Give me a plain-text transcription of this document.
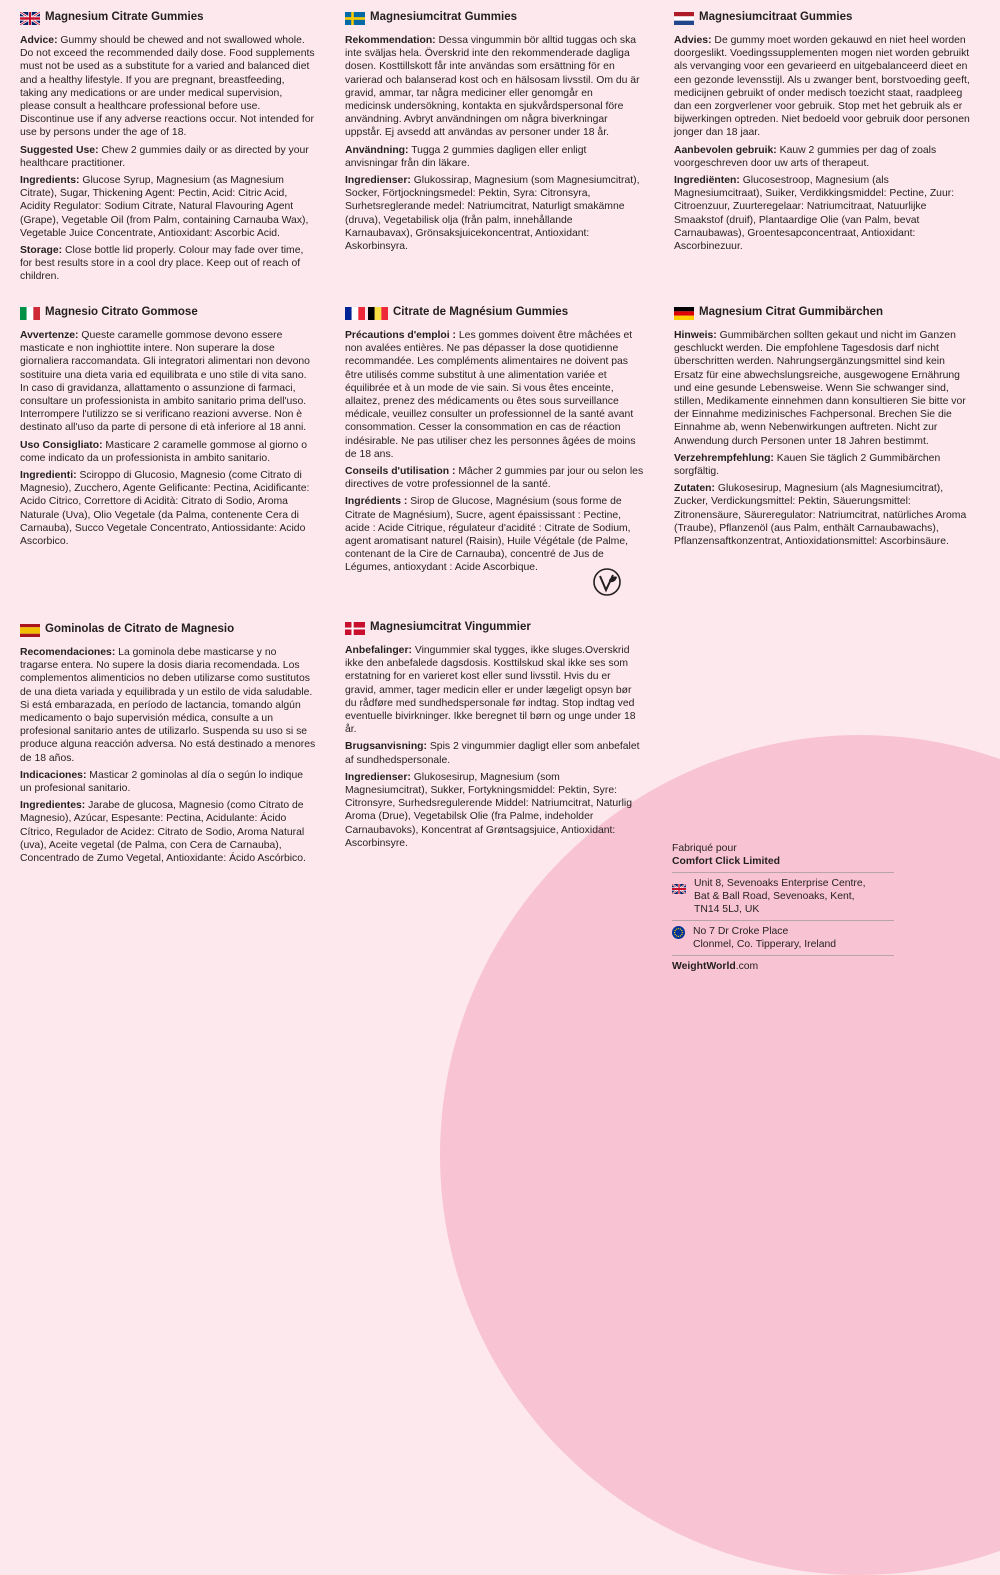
Magnesium Citrate Gummies

Advice: Gummy should be chewed and not swallowed whole. Do not exceed the recommended daily dose. Food supplements must not be used as a substitute for a varied and balanced diet and a healthy lifestyle. If you are pregnant, breastfeeding, taking any medications or are under medical supervision, please consult a healthcare professional before use. Discontinue use if any adverse reactions occur. Not intended for use by persons under the age of 18.

Suggested Use: Chew 2 gummies daily or as directed by your healthcare practitioner.

Ingredients: Glucose Syrup, Magnesium (as Magnesium Citrate), Sugar, Thickening Agent: Pectin, Acid: Citric Acid, Acidity Regulator: Sodium Citrate, Natural Flavouring Agent (Grape), Vegetable Oil (from Palm, containing Carnauba Wax), Vegetable Juice Concentrate, Antioxidant: Ascorbic Acid.

Storage: Close bottle lid properly. Colour may fade over time, for best results store in a cool dry place. Keep out of reach of children.

Magnesiumcitrat Gummies

Rekommendation: Dessa vingummin bör alltid tuggas och ska inte sväljas hela. Överskrid inte den rekommenderade dagliga dosen. Kosttillskott får inte användas som ersättning för en varierad och balanserad kost och en hälsosam livsstil. Om du är gravid, ammar, tar några mediciner eller genomgår en medicinsk undersökning, kontakta en sjukvårdspersonal före användning. Avbryt användningen om några biverkningar uppstår. Ej avsedd att användas av personer under 18 år.

Användning: Tugga 2 gummies dagligen eller enligt anvisningar från din läkare.

Ingredienser: Glukossirap, Magnesium (som Magnesiumcitrat), Socker, Förtjockningsmedel: Pektin, Syra: Citronsyra, Surhetsreglerande medel: Natriumcitrat, Naturligt smakämne (druva), Vegetabilisk olja (från palm, innehållande Karnaubavax), Grönsaksjuicekoncentrat, Antioxidant: Askorbinsyra.

Magnesiumcitraat Gummies

Advies: De gummy moet worden gekauwd en niet heel worden doorgeslikt. Voedingssupplementen mogen niet worden gebruikt als vervanging voor een gevarieerd en uitgebalanceerd dieet en een gezonde levensstijl. Als u zwanger bent, borstvoeding geeft, medicijnen gebruikt of onder medisch toezicht staat, raadpleeg dan een zorgverlener voor gebruik. Stop met het gebruik als er bijwerkingen optreden. Niet bedoeld voor gebruik door personen jonger dan 18 jaar.

Aanbevolen gebruik: Kauw 2 gummies per dag of zoals voorgeschreven door uw arts of therapeut.

Ingrediënten: Glucosestroop, Magnesium (als Magnesiumcitraat), Suiker, Verdikkingsmiddel: Pectine, Zuur: Citroenzuur, Zuurteregelaar: Natriumcitraat, Natuurlijke Smaakstof (druif), Plantaardige Olie (van Palm, bevat Carnaubawas), Groentesapconcentraat, Antioxidant: Ascorbinezuur.

Magnesio Citrato Gommose

Avvertenze: Queste caramelle gommose devono essere masticate e non inghiottite intere. Non superare la dose giornaliera raccomandata. Gli integratori alimentari non devono sostituire una dieta varia ed equilibrata e uno stile di vita sano. In caso di gravidanza, allattamento o assunzione di farmaci, consultare un professionista in ambito sanitario prima dell'uso. Interrompere l'utilizzo se si verificano reazioni avverse. Non è destinato all'uso da parte di persone di età inferiore al 18 anni.

Uso Consigliato: Masticare 2 caramelle gommose al giorno o come indicato da un professionista in ambito sanitario.

Ingredienti: Sciroppo di Glucosio, Magnesio (come Citrato di Magnesio), Zucchero, Agente Gelificante: Pectina, Acidificante: Acido Citrico, Correttore di Acidità: Citrato di Sodio, Aroma Naturale (Uva), Olio Vegetale (da Palma, contenente Cera di Carnauba), Succo Vegetale Concentrato, Antiossidante: Acido Ascorbico.

Citrate de Magnésium Gummies

Précautions d'emploi : Les gommes doivent être mâchées et non avalées entières. Ne pas dépasser la dose quotidienne recommandée. Les compléments alimentaires ne doivent pas être utilisés comme substitut à une alimentation variée et équilibrée et à un mode de vie sain. Si vous êtes enceinte, allaitez, prenez des médicaments ou êtes sous surveillance médicale, veuillez consulter un professionnel de la santé avant consommation. Cesser la consommation en cas de réaction indésirable. Ne pas utiliser chez les personnes âgées de moins de 18 ans.

Conseils d'utilisation : Mâcher 2 gummies par jour ou selon les directives de votre professionnel de la santé.

Ingrédients : Sirop de Glucose, Magnésium (sous forme de Citrate de Magnésium), Sucre, agent épaississant : Pectine, acide : Acide Citrique, régulateur d'acidité : Citrate de Sodium, agent aromatisant naturel (Raisin), Huile Végétale (de Palme, contenant de la Cire de Carnauba), concentré de Jus de Légumes, antioxydant : Acide Ascorbique.

Magnesium Citrat Gummibärchen

Hinweis: Gummibärchen sollten gekaut und nicht im Ganzen geschluckt werden. Die empfohlene Tagesdosis darf nicht überschritten werden. Nahrungsergänzungsmittel sind kein Ersatz für eine abwechslungsreiche, ausgewogene Ernährung und eine gesunde Lebensweise. Wenn Sie schwanger sind, stillen, Medikamente einnehmen dann konsultieren Sie bitte vor der Einnahme medizinisches Fachpersonal. Brechen Sie die Einnahme ab, wenn Nebenwirkungen auftreten. Nicht zur Anwendung durch Personen unter 18 Jahren bestimmt.

Verzehrempfehlung: Kauen Sie täglich 2 Gummibärchen sorgfältig.

Zutaten: Glukosesirup, Magnesium (als Magnesiumcitrat), Zucker, Verdickungsmittel: Pektin, Säuerungsmittel: Zitronensäure, Säureregulator: Natriumcitrat, natürliches Aroma (Traube), Pflanzenöl (aus Palm, enthält Carnaubawachs), Pflanzensaftkonzentrat, Antioxidationsmittel: Ascorbinsäure.

Gominolas de Citrato de Magnesio

Recomendaciones: La gominola debe masticarse y no tragarse entera. No supere la dosis diaria recomendada. Los complementos alimenticios no deben utilizarse como sustitutos de una dieta variada y equilibrada y un estilo de vida saludable. Si está embarazada, en período de lactancia, tomando algún medicamento o bajo supervisión médica, consulte a un profesional sanitario antes de utilizarlo. Suspenda su uso si se produce alguna reacción adversa. No está destinado a menores de 18 años.

Indicaciones: Masticar 2 gominolas al día o según lo indique un profesional sanitario.

Ingredientes: Jarabe de glucosa, Magnesio (como Citrato de Magnesio), Azúcar, Espesante: Pectina, Acidulante: Ácido Cítrico, Regulador de Acidez: Citrato de Sodio, Aroma Natural (uva), Aceite vegetal (de Palma, con Cera de Carnauba), Concentrado de Zumo Vegetal, Antioxidante: Ácido Ascórbico.

Magnesiumcitrat Vingummier

Anbefalinger: Vingummier skal tygges, ikke sluges.Overskrid ikke den anbefalede dagsdosis. Kosttilskud skal ikke ses som erstatning for en varieret kost eller sund livsstil. Hvis du er gravid, ammer, tager medicin eller er under lægeligt opsyn bør du rådføre med sundhedspersonale før indtag. Stop indtag ved eventuelle bivirkninger. Ikke beregnet til børn og unge under 18 år.

Brugsanvisning: Spis 2 vingummier dagligt eller som anbefalet af sundhedspersonale.

Ingredienser: Glukosesirup, Magnesium (som Magnesiumcitrat), Sukker, Fortykningsmiddel: Pektin, Syre: Citronsyre, Surhedsregulerende Middel: Natriumcitrat, Naturlig Aroma (Drue), Vegetabilsk Olie (fra Palme, indeholder Carnaubavoks), Koncentrat af Grøntsagsjuice, Antioxidant: Ascorbinsyre.	Fabriqué pour
Comfort Click Limited
Unit 8, Sevenoaks Enterprise Centre,
Bat & Ball Road, Sevenoaks, Kent,
TN14 5LJ, UK
No 7 Dr Croke Place
Clonmel, Co. Tipperary, Ireland
WeightWorld.com
